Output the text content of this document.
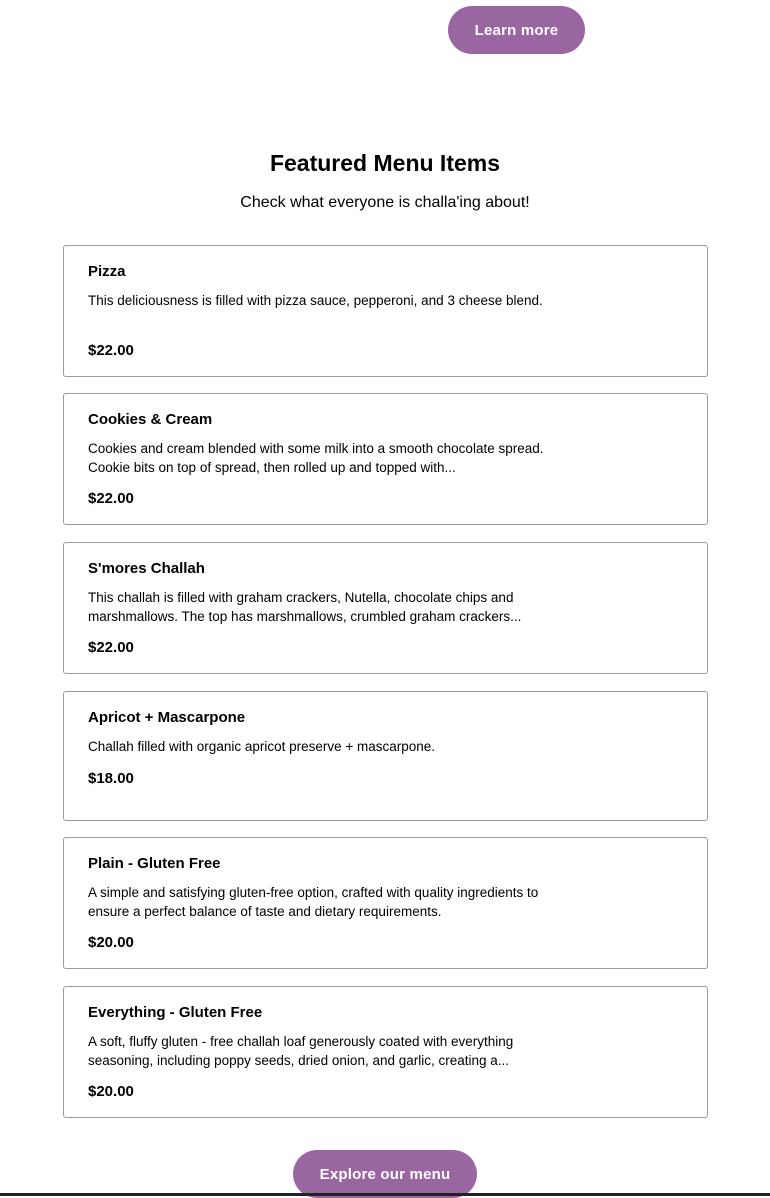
Learn more
Featured Menu Items

Check what everyone is challa'ing about!

Pizza
This deliciousness is filled with pizza sauce, pepperoni, and 3 cheese blend.
$22.00
Cookies & Cream
Cookies and cream blended with some milk into a smooth chocolate spread. Cookie bits on top of spread, then rolled up and topped with...
$22.00
S'mores Challah
This challah is filled with graham crackers, Nutella, chocolate chips and marshmallows. The top has marshmallows, crumbled graham crackers...
$22.00
Apricot + Mascarpone
Challah filled with organic apricot preserve + mascarpone.
$18.00
Plain - Gluten Free
A simple and satisfying gluten-free option, crafted with quality ingredients to ensure a perfect balance of taste and dietary requirements.
$20.00
Everything - Gluten Free
A soft, fluffy gluten - free challah loaf generously coated with everything seasoning, including poppy seeds, dried onion, and garlic, creating a...
$20.00
Explore our menu
